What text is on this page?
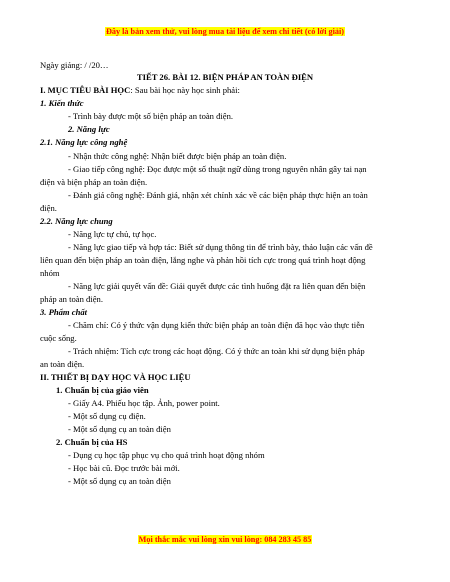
Đây là bản xem thử, vui lòng mua tài liệu để xem chi tiết (có lời giải)
Ngày giảng: / /20…
TIẾT 26. BÀI 12. BIỆN PHÁP AN TOÀN ĐIỆN
I. MỤC TIÊU BÀI HỌC: Sau bài học này học sinh phải:
1. Kiến thức
- Trình bày được một số biện pháp an toàn điện.
2. Năng lực
2.1. Năng lực công nghệ
- Nhận thức công nghệ: Nhận biết được biện pháp an toàn điện.
- Giao tiếp công nghệ: Đọc được một số thuật ngữ dùng trong nguyên nhân gây tai nạn
điện và biện pháp an toàn điện.
- Đánh giá công nghệ: Đánh giá, nhận xét chính xác về các biện pháp thực hiện an toàn
điện.
2.2. Năng lực chung
- Năng lực tự chủ, tự học.
- Năng lực giao tiếp và hợp tác: Biết sử dụng thông tin để trình bày, thảo luận các vấn đề
liên quan đến biện pháp an toàn điện, lắng nghe và phản hồi tích cực trong quá trình hoạt động
nhóm
- Năng lực giải quyết vấn đề: Giải quyết được các tình huống đặt ra liên quan đến biện
pháp an toàn điện.
3. Phẩm chất
- Chăm chỉ: Có ý thức vận dụng kiến thức biện pháp an toàn điện đã học vào thực tiễn
cuộc sống.
- Trách nhiệm: Tích cực trong các hoạt động. Có ý thức an toàn khi sử dụng biện pháp
an toàn điện.
II. THIẾT BỊ DẠY HỌC VÀ HỌC LIỆU
1. Chuẩn bị của giáo viên
- Giấy A4. Phiếu học tập. Ảnh, power point.
- Một số dụng cụ điện.
- Một số dụng cụ an toàn điện
2. Chuẩn bị của HS
- Dụng cụ học tập phục vụ cho quá trình hoạt động nhóm
- Học bài cũ. Đọc trước bài mới.
- Một số dụng cụ an toàn điện
Mọi thắc mắc vui lòng xin vui lòng: 084 283 45 85
